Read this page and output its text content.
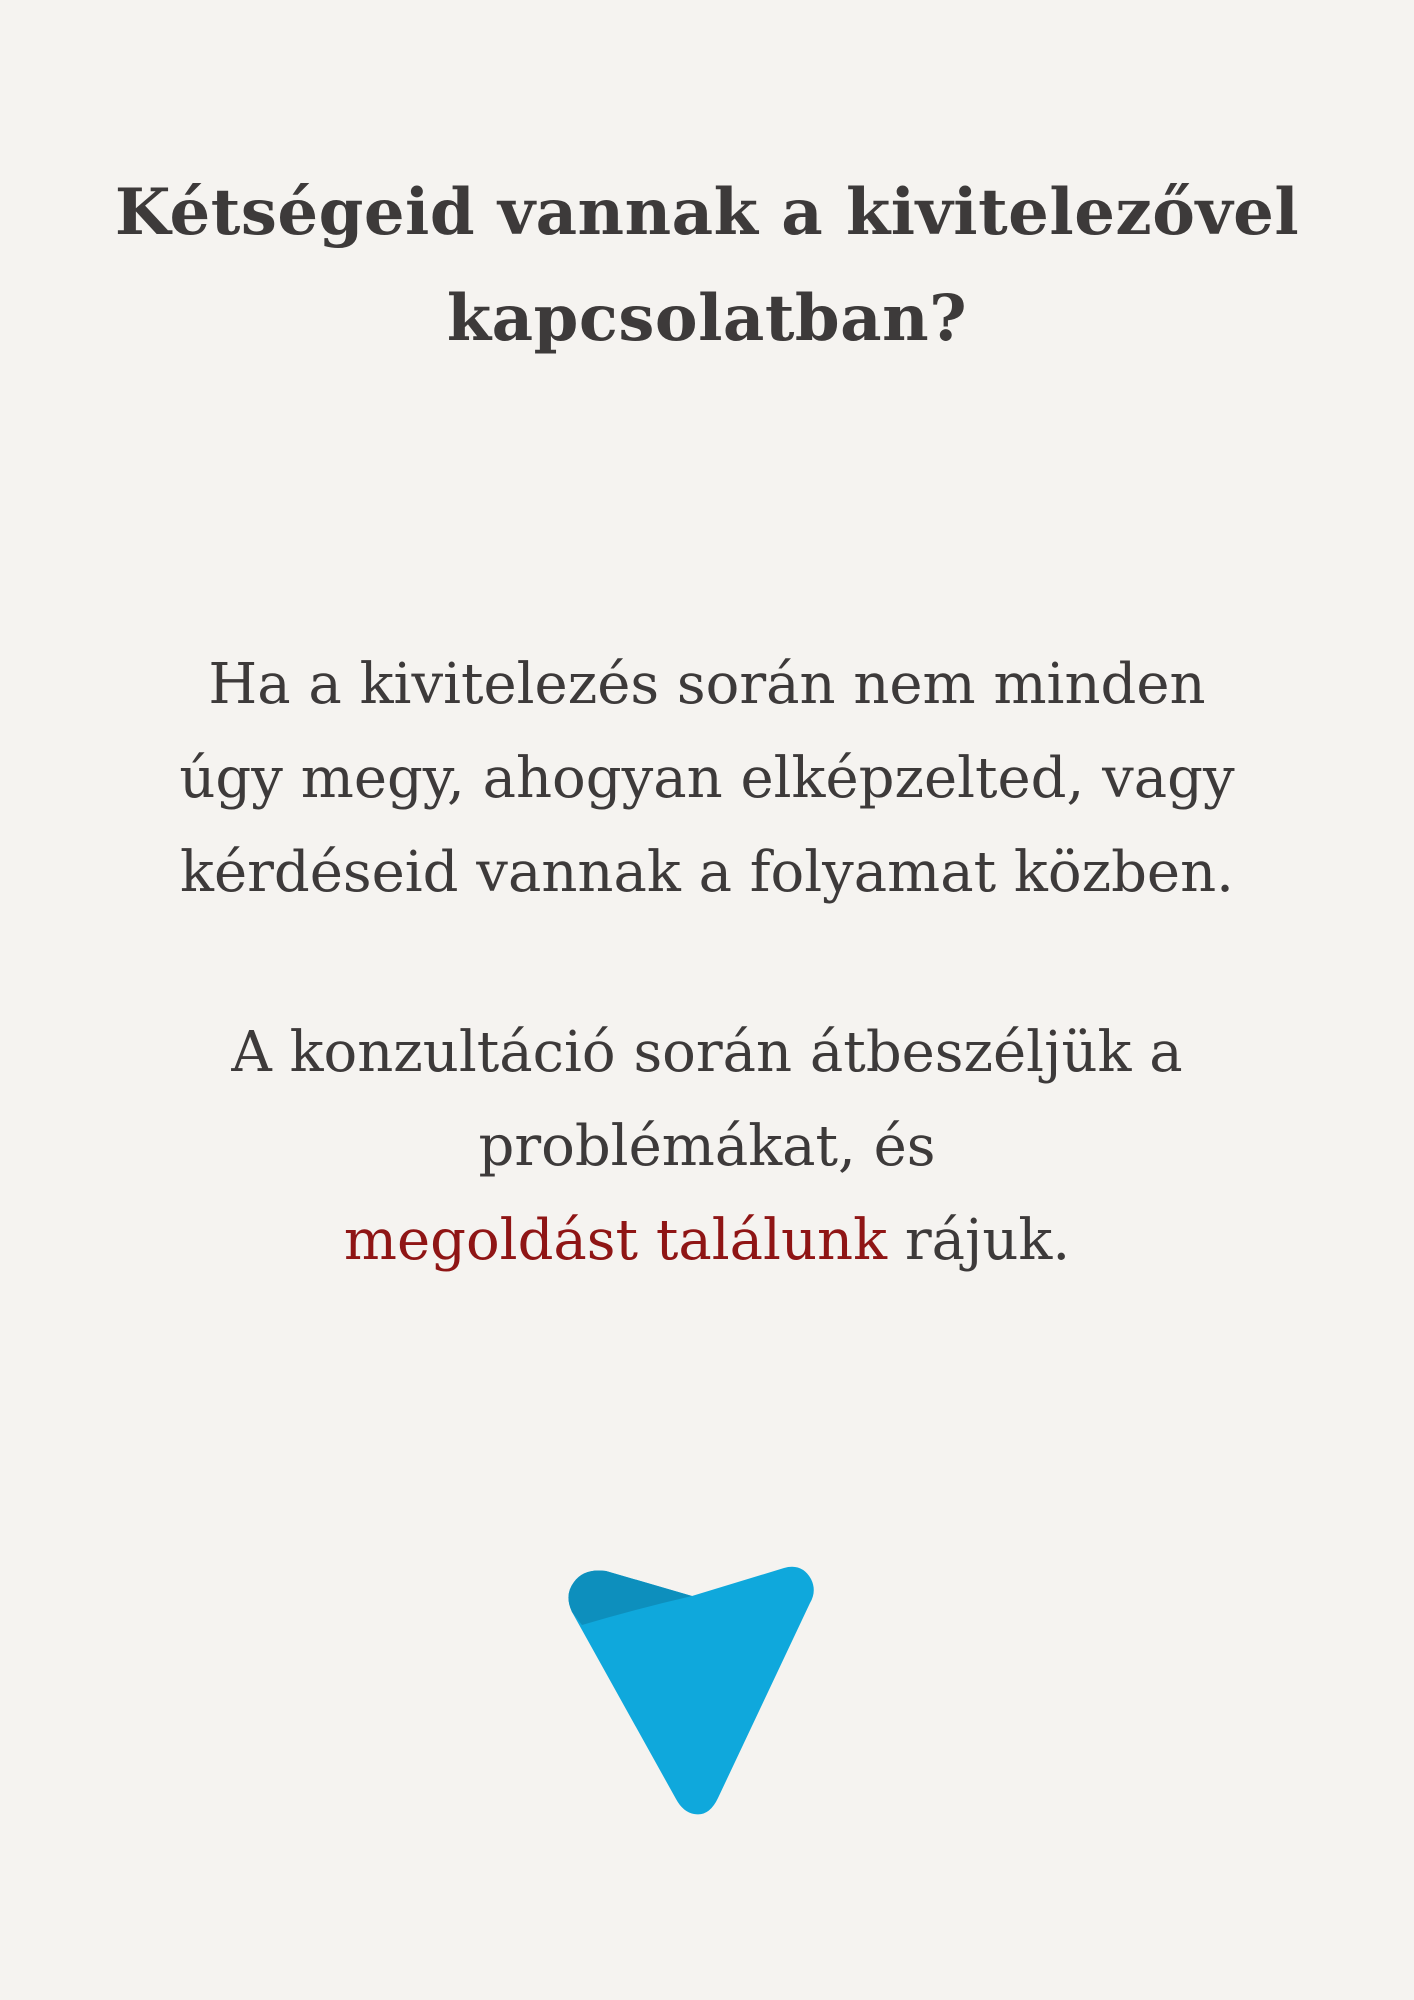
Kétségeid vannak a kivitelezővel
kapcsolatban?

Ha a kivitelezés során nem minden
úgy megy, ahogyan elképzelted, vagy
kérdéseid vannak a folyamat közben.

A konzultáció során átbeszéljük a
problémákat, és
megoldást találunk rájuk.
